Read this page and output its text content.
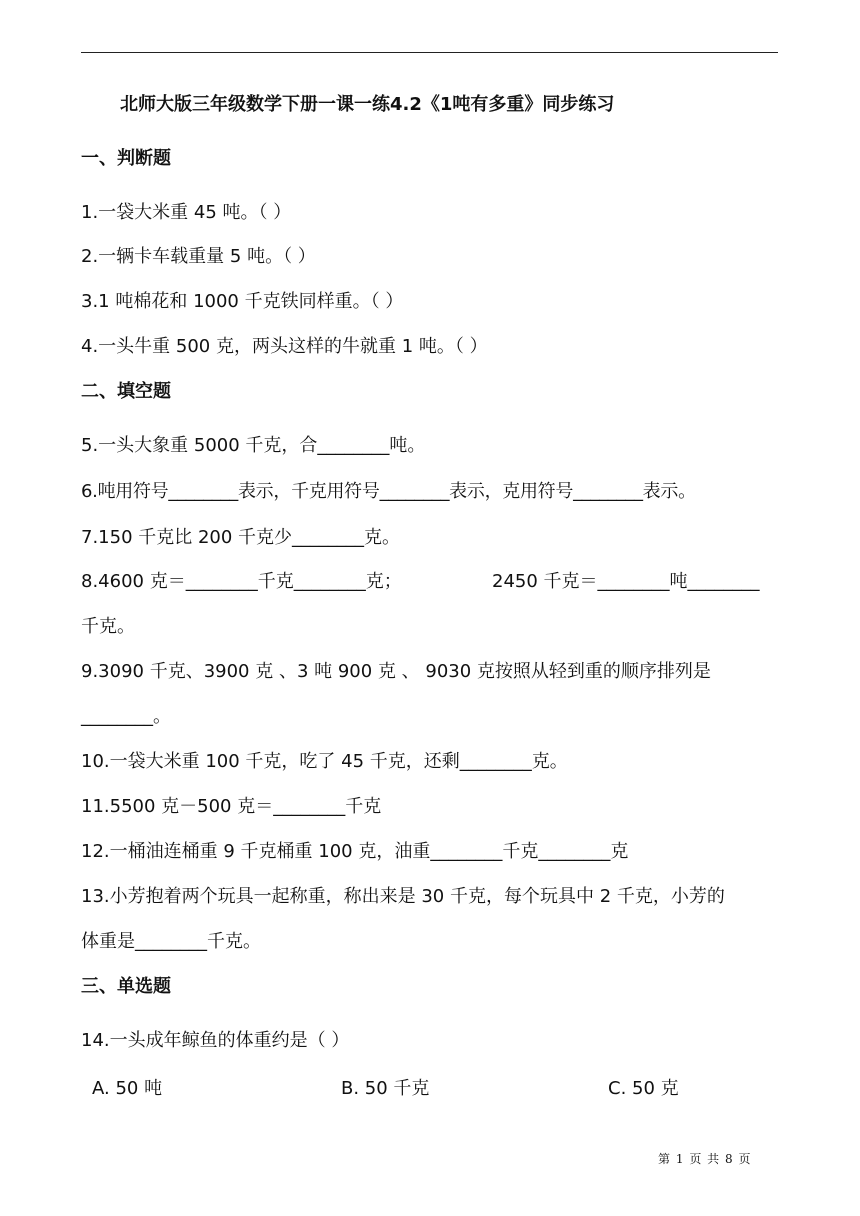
北师大版三年级数学下册一课一练4.2《1吨有多重》同步练习
一、判断题
1.一袋大米重 45 吨。（ ）
2.一辆卡车载重量 5 吨。（ ）
3.1 吨棉花和 1000 千克铁同样重。（ ）
4.一头牛重 500 克，两头这样的牛就重 1 吨。（ ）
二、填空题
5.一头大象重 5000 千克，合________吨。
6.吨用符号________表示，千克用符号________表示，克用符号________表示。
7.150 千克比 200 千克少________克。
8.4600 克＝________千克________克；	2450 千克＝________吨________
千克。
9.3090 千克、3900 克 、3 吨 900 克 、 9030 克按照从轻到重的顺序排列是
________。
10.一袋大米重 100 千克，吃了 45 千克，还剩________克。
11.5500 克－500 克＝________千克
12.一桶油连桶重 9 千克桶重 100 克，油重________千克________克
13.小芳抱着两个玩具一起称重，称出来是 30 千克，每个玩具中 2 千克，小芳的
体重是________千克。
三、单选题
14.一头成年鲸鱼的体重约是（ ）
A. 50 吨	B. 50 千克	C. 50 克
第 1 页 共 8 页
